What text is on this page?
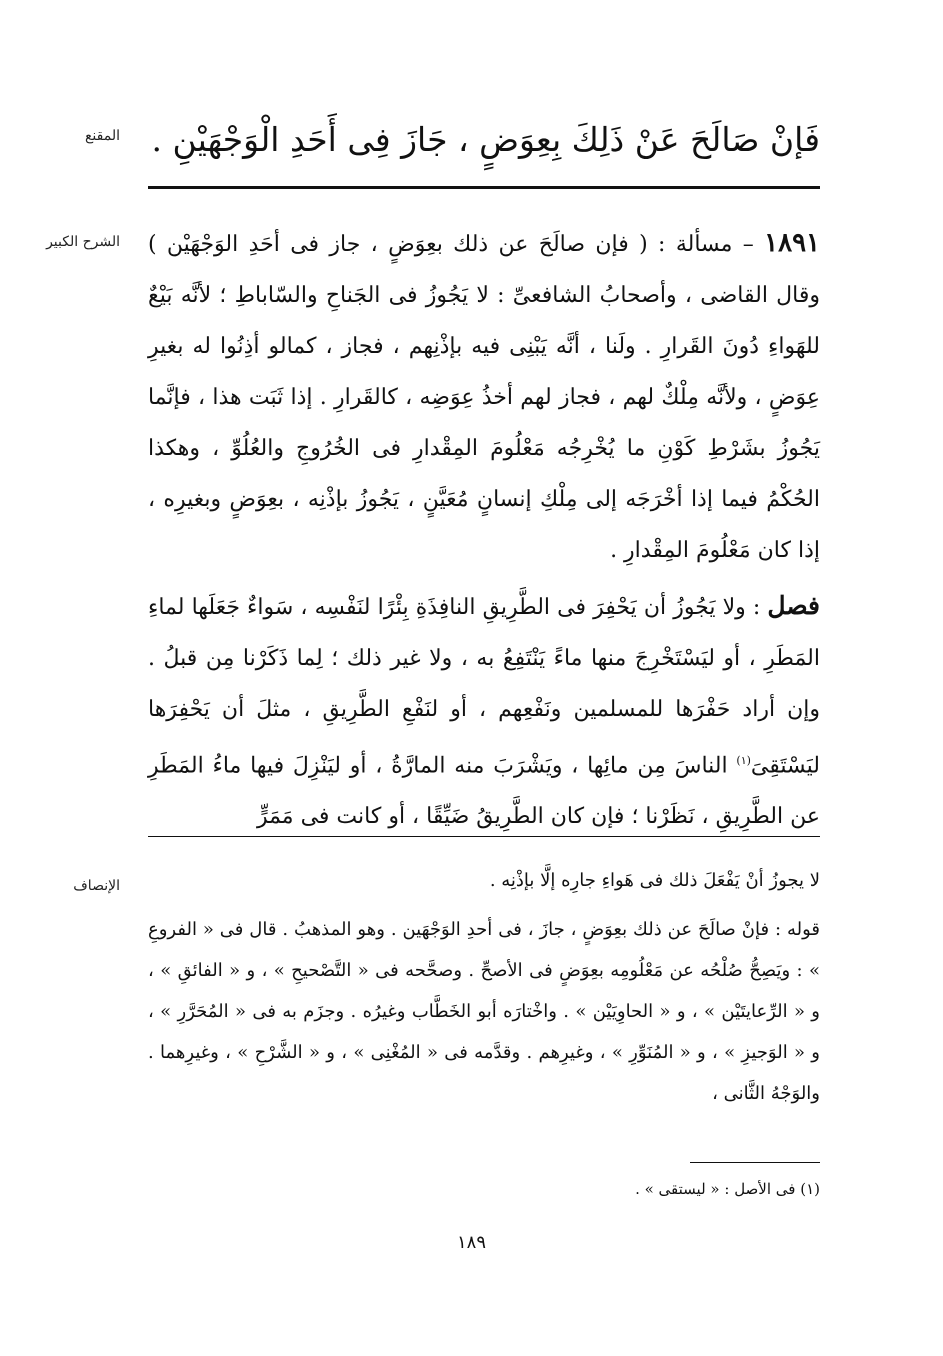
المقنع فَإنْ صَالَحَ عَنْ ذَلِكَ بِعِوَضٍ ، جَازَ فِى أَحَدِ الْوَجْهَيْنِ .
الشرح الكبير	١٨٩١ – مسألة : ( فإن صالَحَ عن ذلك بعِوَضٍ ، جاز فى أحَدِ الوَجْهَيْن ) وقال القاضى ، وأصحابُ الشافعىِّ : لا يَجُوزُ فى الجَناحِ والسّاباطِ ؛ لأنَّه بَيْعٌ للهَواءِ دُونَ القَرارِ . ولَنا ، أنَّه يَبْنِى فيه بإذْنِهم ، فجاز ، كمالو أذِنُوا له بغيرِ عِوَضٍ ، ولأنَّه مِلْكٌ لهم ، فجاز لهم أخذُ عِوَضِه ، كالقَرارِ . إذا ثَبَت هذا ، فإنَّما يَجُوزُ بشَرْطِ كَوْنِ ما يُخْرِجُه مَعْلُومَ المِقْدارِ فى الخُرُوجِ والعُلُوِّ ، وهكذا الحُكْمُ فيما إذا أخْرَجَه إلى مِلْكِ إنسانٍ مُعَيَّنٍ ، يَجُوزُ بإذْنِه ، بعِوَضٍ وبغيرِه ، إذا كان مَعْلُومَ المِقْدارِ .

فصل : ولا يَجُوزُ أن يَحْفِرَ فى الطَّرِيقِ النافِذَةِ بِئْرًا لنَفْسِه ، سَواءٌ جَعَلَها لماءِ المَطَرِ ، أو ليَسْتَخْرِجَ منها ماءً يَنْتَفِعُ به ، ولا غير ذلك ؛ لِما ذَكَرْنا مِن قبلُ . وإن أراد حَفْرَها للمسلمين ونَفْعِهم ، أو لنَفْعِ الطَّرِيقِ ، مثلَ أن يَحْفِرَها ليَسْتَقِىَ$^{(١)}$ الناسَ مِن مائِها ، ويَشْرَبَ منه المارَّةُ ، أو ليَنْزِلَ فيها ماءُ المَطَرِ عن الطَّرِيقِ ، نَظَرْنا ؛ فإن كان الطَّرِيقُ ضَيِّقًا ، أو كانت فى مَمَرٍّ

الإنصاف	لا يجوزُ أنْ يَفْعَلَ ذلك فى هَواءِ جارِه إلَّا بإذْنِه .

قوله : فإنْ صالَحَ عن ذلك بعِوَضٍ ، جازَ ، فى أحدِ الوَجْهَين . وهو المذهبُ . قال فى « الفروعِ » : ويَصِحُّ صُلْحُه عن مَعْلُومِه بعِوَضٍ فى الأصحِّ . وصحَّحه فى « التَّصْحيحِ » ، و « الفائقِ » ، و « الرِّعايتَيْن » ، و « الحاوِيَيْن » . واخْتارَه أبو الخَطَّاب وغيرُه . وجزَم به فى « المُحَرَّرِ » ، و « الوَجيزِ » ، و « المُنَوِّرِ » ، وغيرِهم . وقدَّمه فى « المُغْنِى » ، و « الشَّرْحِ » ، وغيرِهما . والوَجْهُ الثَّانى ،

(١) فى الأصل : « ليستقى » .
١٨٩
